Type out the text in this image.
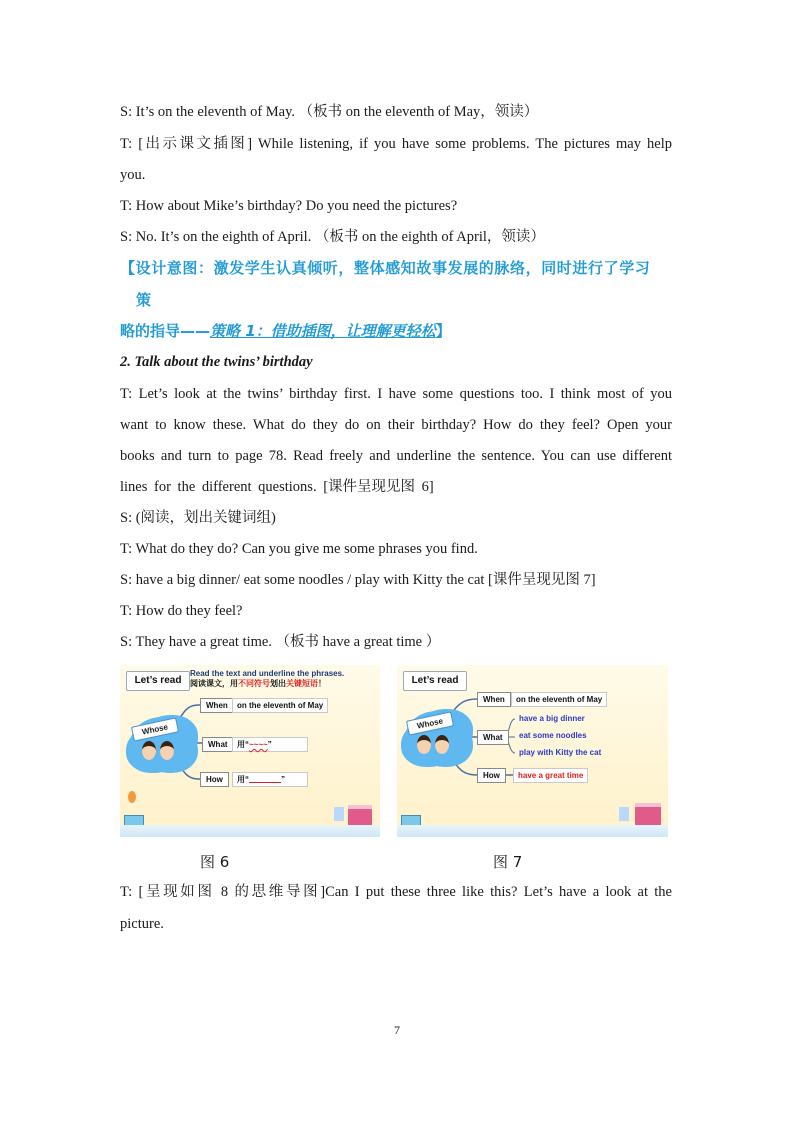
S: It’s on the eleventh of May. （板书 on the eleventh of May，领读）
T: [出示课文插图] While listening, if you have some problems. The pictures may help
you.
T: How about Mike’s birthday? Do you need the pictures?
S: No. It’s on the eighth of April. （板书 on the eighth of April，领读）
【设计意图：激发学生认真倾听，整体感知故事发展的脉络，同时进行了学习
策
略的指导——策略 1：借助插图，让理解更轻松】
2. Talk about the twins’ birthday
T: Let’s look at the twins’ birthday first. I have some questions too. I think most of you
want to know these. What do they do on their birthday? How do they feel? Open your
books and turn to page 78. Read freely and underline the sentence. You can use different
lines for the different questions. [课件呈现见图 6]
S: (阅读，划出关键词组)
T: What do they do? Can you give me some phrases you find.
S: have a big dinner/ eat some noodles / play with Kitty the cat [课件呈现见图 7]
T: How do they feel?
S: They have a great time. （板书 have a great time ）
Let’s read
Read the text and underline the phrases.
阅读课文，用不同符号划出关键短语！
Whose
When	on the eleventh of May
What	用“~~~~”
How	用“	”
Let’s read
Whose
When	on the eleventh of May
What
have a big dinner
eat some noodles
play with Kitty the cat
How	have a great time
图 6	图 7
T: [呈现如图 8 的思维导图]Can I put these three like this? Let’s have a look at the
picture.
7
